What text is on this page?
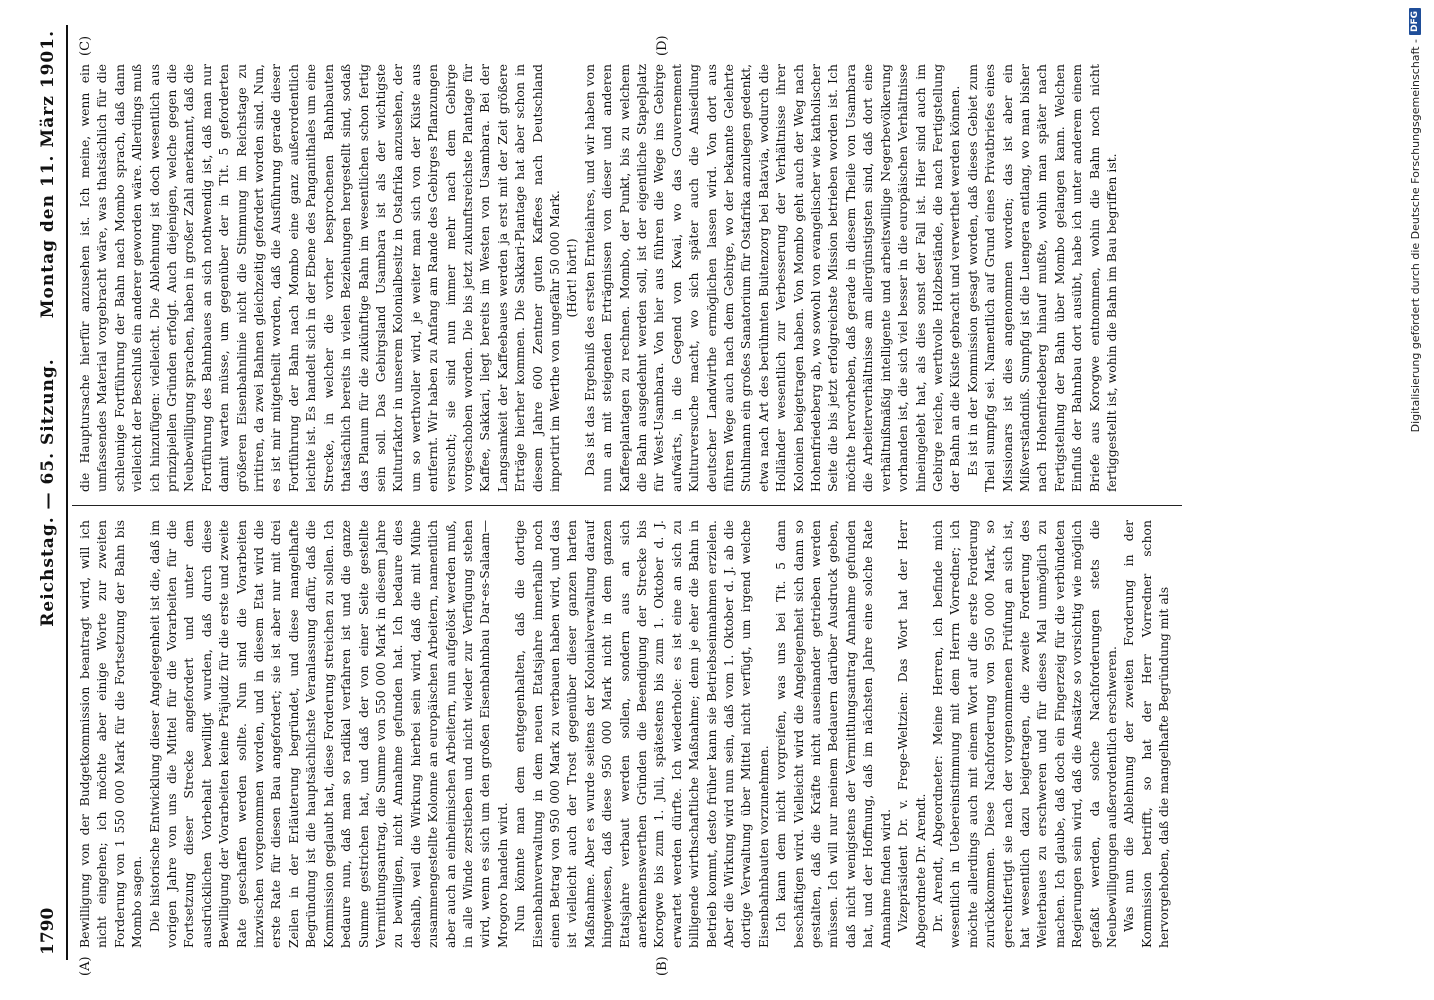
1790
Reichstag. — 65. Sitzung.
Montag den 11. März 1901.
(A)	(B)
(C)	(D)

Bewilligung von der Budgetkommission beantragt wird, will ich nicht eingehen; ich möchte aber einige Worte zur zweiten Forderung von 1 550 000 Mark für die Fortsetzung der Bahn bis Mombo sagen. Die historische Entwicklung dieser Angelegenheit ist die, daß im vorigen Jahre von uns die Mittel für die Vorarbeiten für die Fortsetzung dieser Strecke angefordert und unter dem ausdrücklichen Vorbehalt bewilligt wurden, daß durch diese Bewilligung der Vorarbeiten keine Präjudiz für die erste und zweite Rate geschaffen werden sollte. Nun sind die Vorarbeiten inzwischen vorgenommen worden, und in diesem Etat wird die erste Rate für diesen Bau angefordert; sie ist aber nur mit drei Zeilen in der Erläuterung begründet, und diese mangelhafte Begründung ist die hauptsächlichste Veranlassung dafür, daß die Kommission geglaubt hat, diese Forderung streichen zu sollen. Ich bedaure nun, daß man so radikal verfahren ist und die ganze Summe gestrichen hat, und daß der von einer Seite gestellte Vermittlungsantrag, die Summe von 550 000 Mark in diesem Jahre zu bewilligen, nicht Annahme gefunden hat. Ich bedaure dies deshalb, weil die Wirkung hierbei sein wird, daß die mit Mühe zusammengestellte Kolonne an europäischen Arbeitern, namentlich aber auch an einheimischen Arbeitern, nun aufgelöst werden muß, in alle Winde zerstieben und nicht wieder zur Verfügung stehen wird, wenn es sich um den großen Eisenbahnbau Dar-es-Salaam—Mrogoro handeln wird. Nun könnte man dem entgegenhalten, daß die dortige Eisenbahnverwaltung in dem neuen Etatsjahre innerhalb noch einen Betrag von 950 000 Mark zu verbauen haben wird, und das ist vielleicht auch der Trost gegenüber dieser ganzen harten Maßnahme. Aber es wurde seitens der Kolonialverwaltung darauf hingewiesen, daß diese 950 000 Mark nicht in dem ganzen Etatsjahre verbaut werden sollen, sondern aus an sich anerkennenswerthen Gründen die Beendigung der Strecke bis Korogwe bis zum 1. Juli, spätestens bis zum 1. Oktober d. J. erwartet werden dürfte. Ich wiederhole: es ist eine an sich zu billigende wirthschaftliche Maßnahme; denn je eher die Bahn in Betrieb kommt, desto früher kann sie Betriebseinnahmen erzielen. Aber die Wirkung wird nun sein, daß vom 1. Oktober d. J. ab die dortige Verwaltung über Mittel nicht verfügt, um irgend welche Eisenbahnbauten vorzunehmen. Ich kann dem nicht vorgreifen, was uns bei Tit. 5 dann beschäftigen wird. Vielleicht wird die Angelegenheit sich dann so gestalten, daß die Kräfte nicht auseinander getrieben werden müssen. Ich will nur meinem Bedauern darüber Ausdruck geben, daß nicht wenigstens der Vermittlungsantrag Annahme gefunden hat, und der Hoffnung, daß im nächsten Jahre eine solche Rate Annahme finden wird. Vizepräsident Dr. v. Frege-Weltzien: Das Wort hat der Herr Abgeordnete Dr. Arendt. Dr. Arendt, Abgeordneter: Meine Herren, ich befinde mich wesentlich in Uebereinstimmung mit dem Herrn Vorredner; ich möchte allerdings auch mit einem Wort auf die erste Forderung zurückkommen. Diese Nachforderung von 950 000 Mark, so gerechtfertigt sie nach der vorgenommenen Prüfung an sich ist, hat wesentlich dazu beigetragen, die zweite Forderung des Weiterbaues zu erschweren und für dieses Mal unmöglich zu machen. Ich glaube, daß doch ein Fingerzeig für die verbündeten Regierungen sein wird, daß die Ansätze so vorsichtig wie möglich gefaßt werden, da solche Nachforderungen stets die Neubewilligungen außerordentlich erschweren. Was nun die Ablehnung der zweiten Forderung in der Kommission betrifft, so hat der Herr Vorredner schon hervorgehoben, daß die mangelhafte Begründung mit als

die Hauptursache hierfür anzusehen ist. Ich meine, wenn ein umfassendes Material vorgebracht wäre, was thatsächlich für die schleunige Fortführung der Bahn nach Mombo sprach, daß dann vielleicht der Beschluß ein anderer geworden wäre. Allerdings muß ich hinzufügen: vielleicht. Die Ablehnung ist doch wesentlich aus prinzipiellen Gründen erfolgt. Auch diejenigen, welche gegen die Neubewilligung sprachen, haben in großer Zahl anerkannt, daß die Fortführung des Bahnbaues an sich nothwendig ist, daß man nur damit warten müsse, um gegenüber der in Tit. 5 geforderten größeren Eisenbahnlinie nicht die Stimmung im Reichstage zu irritiren, da zwei Bahnen gleichzeitig gefordert worden sind. Nun, es ist mir mitgetheilt worden, daß die Ausführung gerade dieser Fortführung der Bahn nach Mombo eine ganz außerordentlich leichte ist. Es handelt sich in der Ebene des Panganithales um eine Strecke, in welcher die vorher besprochenen Bahnbauten thatsächlich bereits in vielen Beziehungen hergestellt sind, sodaß das Planum für die zukünftige Bahn im wesentlichen schon fertig sein soll. Das Gebirgsland Usambara ist als der wichtigste Kulturfaktor in unserem Kolonialbesitz in Ostafrika anzusehen, der um so werthvoller wird, je weiter man sich von der Küste aus entfernt. Wir haben zu Anfang am Rande des Gebirges Pflanzungen versucht; sie sind nun immer mehr nach dem Gebirge vorgeschoben worden. Die bis jetzt zukunftsreichste Plantage für Kaffee, Sakkari, liegt bereits im Westen von Usambara. Bei der Langsamkeit der Kaffeebaues werden ja erst mit der Zeit größere Erträge hierher kommen. Die Sakkari-Plantage hat aber schon in diesem Jahre 600 Zentner guten Kaffees nach Deutschland importirt im Werthe von ungefähr 50 000 Mark. (Hört! hört!) Das ist das Ergebniß des ersten Ernteiahres, und wir haben von nun an mit steigenden Erträgnissen von dieser und anderen Kaffeeplantagen zu rechnen. Mombo, der Punkt, bis zu welchem die Bahn ausgedehnt werden soll, ist der eigentliche Stapelplatz für West-Usambara. Von hier aus führen die Wege ins Gebirge aufwärts, in die Gegend von Kwai, wo das Gouvernement Kulturversuche macht, wo sich später auch die Ansiedlung deutscher Landwirthe ermöglichen lassen wird. Von dort aus führen Wege auch nach dem Gebirge, wo der bekannte Gelehrte Stuhlmann ein großes Sanatorium für Ostafrika anzulegen gedenkt, etwa nach Art des berühmten Buitenzorg bei Batavia, wodurch die Holländer wesentlich zur Verbesserung der Verhältnisse ihrer Kolonien beigetragen haben. Von Mombo geht auch der Weg nach Hohenfriedeberg ab, wo sowohl von evangelischer wie katholischer Seite die bis jetzt erfolgreichste Mission betrieben worden ist. Ich möchte hervorheben, daß gerade in diesem Theile von Usambara die Arbeiterverhältnisse am allergünstigsten sind, daß dort eine verhältnißmäßig intelligente und arbeitswillige Negerbevölkerung vorhanden ist, die sich viel besser in die europäischen Verhältnisse hineingelebt hat, als dies sonst der Fall ist. Hier sind auch im Gebirge reiche, werthvolle Holzbestände, die nach Fertigstellung der Bahn an die Küste gebracht und verwerthet werden können. Es ist in der Kommission gesagt worden, daß dieses Gebiet zum Theil sumpfig sei. Namentlich auf Grund eines Privatbriefes eines Missionars ist dies angenommen worden; das ist aber ein Mißverständniß. Sumpfig ist die Luengera entlang, wo man bisher nach Hohenfriedeberg hinauf mußte, wohin man später nach Fertigstellung der Bahn über Mombo gelangen kann. Welchen Einfluß der Bahnbau dort ausübt, habe ich unter anderem einem Briefe aus Korogwe entnommen, wohin die Bahn noch nicht fertiggestellt ist, wohin die Bahn im Bau begriffen ist.	Digitalisierung gefördert durch die Deutsche Forschungsgemeinschaft -
DFG
